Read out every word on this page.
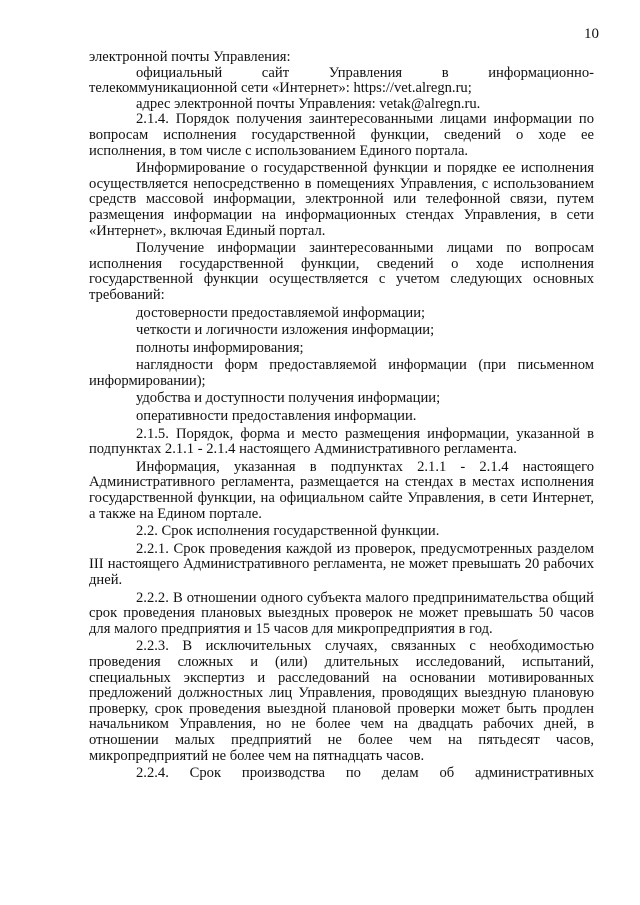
10

электронной почты Управления:

официальный сайт Управления в информационно-

телекоммуникационной сети «Интернет»: https://vet.alregn.ru;

адрес электронной почты Управления: vetak@alregn.ru.

2.1.4. Порядок получения заинтересованными лицами информации по вопросам исполнения государственной функции, сведений о ходе ее исполнения, в том числе с использованием Единого портала.

Информирование о государственной функции и порядке ее исполнения осуществляется непосредственно в помещениях Управления, с использованием средств массовой информации, электронной или телефонной связи, путем размещения информации на информационных стендах Управления, в сети «Интернет», включая Единый портал.

Получение информации заинтересованными лицами по вопросам исполнения государственной функции, сведений о ходе исполнения государственной функции осуществляется с учетом следующих основных требований:

достоверности предоставляемой информации;

четкости и логичности изложения информации;

полноты информирования;

наглядности форм предоставляемой информации (при письменном информировании);

удобства и доступности получения информации;

оперативности предоставления информации.

2.1.5. Порядок, форма и место размещения информации, указанной в подпунктах 2.1.1 - 2.1.4 настоящего Административного регламента.

Информация, указанная в подпунктах 2.1.1 - 2.1.4 настоящего Административного регламента, размещается на стендах в местах исполнения государственной функции, на официальном сайте Управления, в сети Интернет, а также на Едином портале.

2.2. Срок исполнения государственной функции.

2.2.1. Срок проведения каждой из проверок, предусмотренных разделом III настоящего Административного регламента, не может превышать 20 рабочих дней.

2.2.2. В отношении одного субъекта малого предпринимательства общий срок проведения плановых выездных проверок не может превышать 50 часов для малого предприятия и 15 часов для микропредприятия в год.

2.2.3. В исключительных случаях, связанных с необходимостью проведения сложных и (или) длительных исследований, испытаний, специальных экспертиз и расследований на основании мотивированных предложений должностных лиц Управления, проводящих выездную плановую проверку, срок проведения выездной плановой проверки может быть продлен начальником Управления, но не более чем на двадцать рабочих дней, в отношении малых предприятий не более чем на пятьдесят часов, микропредприятий не более чем на пятнадцать часов.

2.2.4. Срок производства по делам об административных
